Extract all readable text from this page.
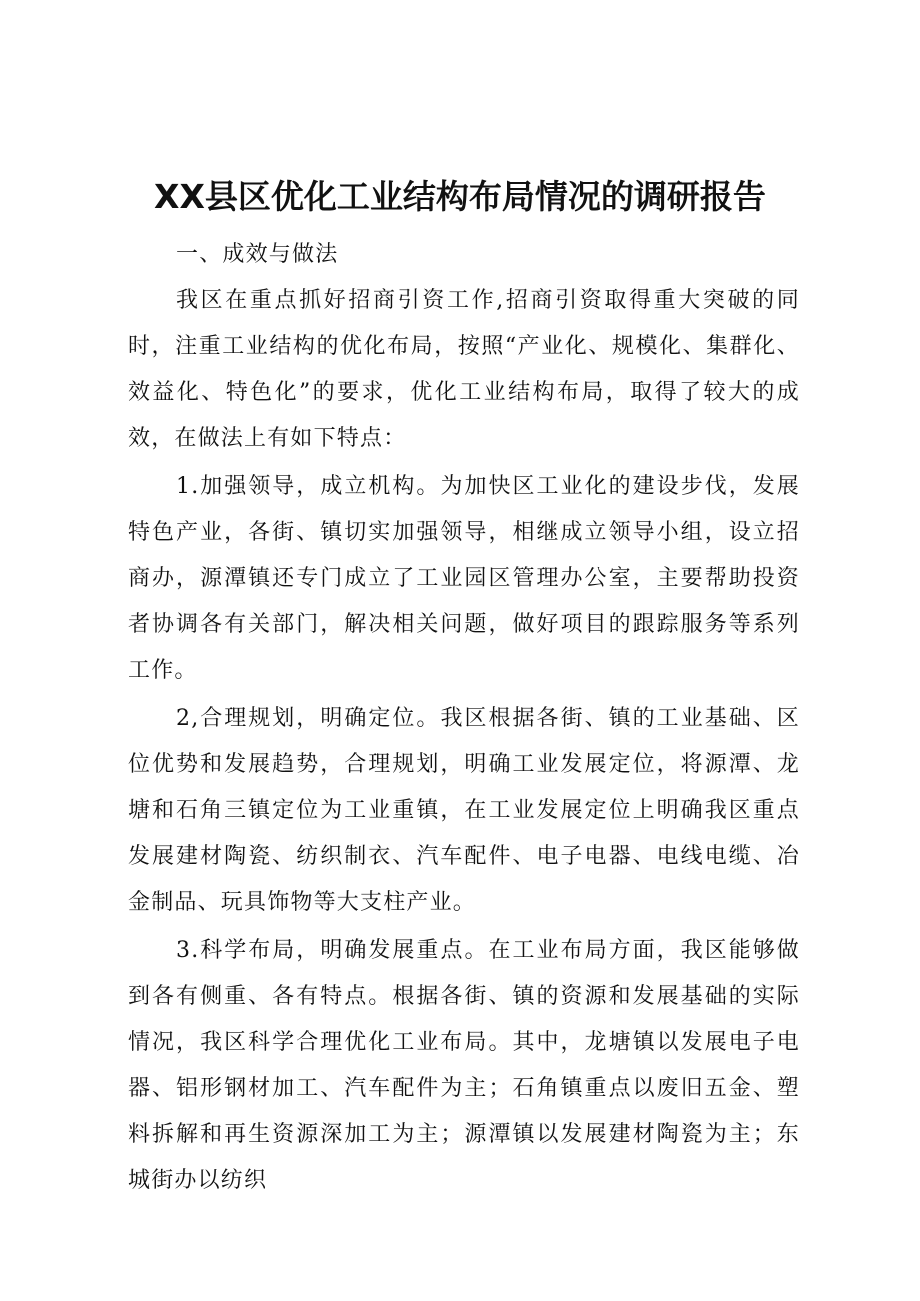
XX县区优化工业结构布局情况的调研报告
一、成效与做法

我区在重点抓好招商引资工作,招商引资取得重大突破的同时，注重工业结构的优化布局，按照“产业化、规模化、集群化、效益化、特色化”的要求，优化工业结构布局，取得了较大的成效，在做法上有如下特点：

1.加强领导，成立机构。为加快区工业化的建设步伐，发展特色产业，各街、镇切实加强领导，相继成立领导小组，设立招商办，源潭镇还专门成立了工业园区管理办公室，主要帮助投资者协调各有关部门，解决相关问题，做好项目的跟踪服务等系列工作。

2,合理规划，明确定位。我区根据各街、镇的工业基础、区位优势和发展趋势，合理规划，明确工业发展定位，将源潭、龙塘和石角三镇定位为工业重镇，在工业发展定位上明确我区重点发展建材陶瓷、纺织制衣、汽车配件、电子电器、电线电缆、冶金制品、玩具饰物等大支柱产业。

3.科学布局，明确发展重点。在工业布局方面，我区能够做到各有侧重、各有特点。根据各街、镇的资源和发展基础的实际情况，我区科学合理优化工业布局。其中，龙塘镇以发展电子电器、铝形钢材加工、汽车配件为主；石角镇重点以废旧五金、塑料拆解和再生资源深加工为主；源潭镇以发展建材陶瓷为主；东城街办以纺织
